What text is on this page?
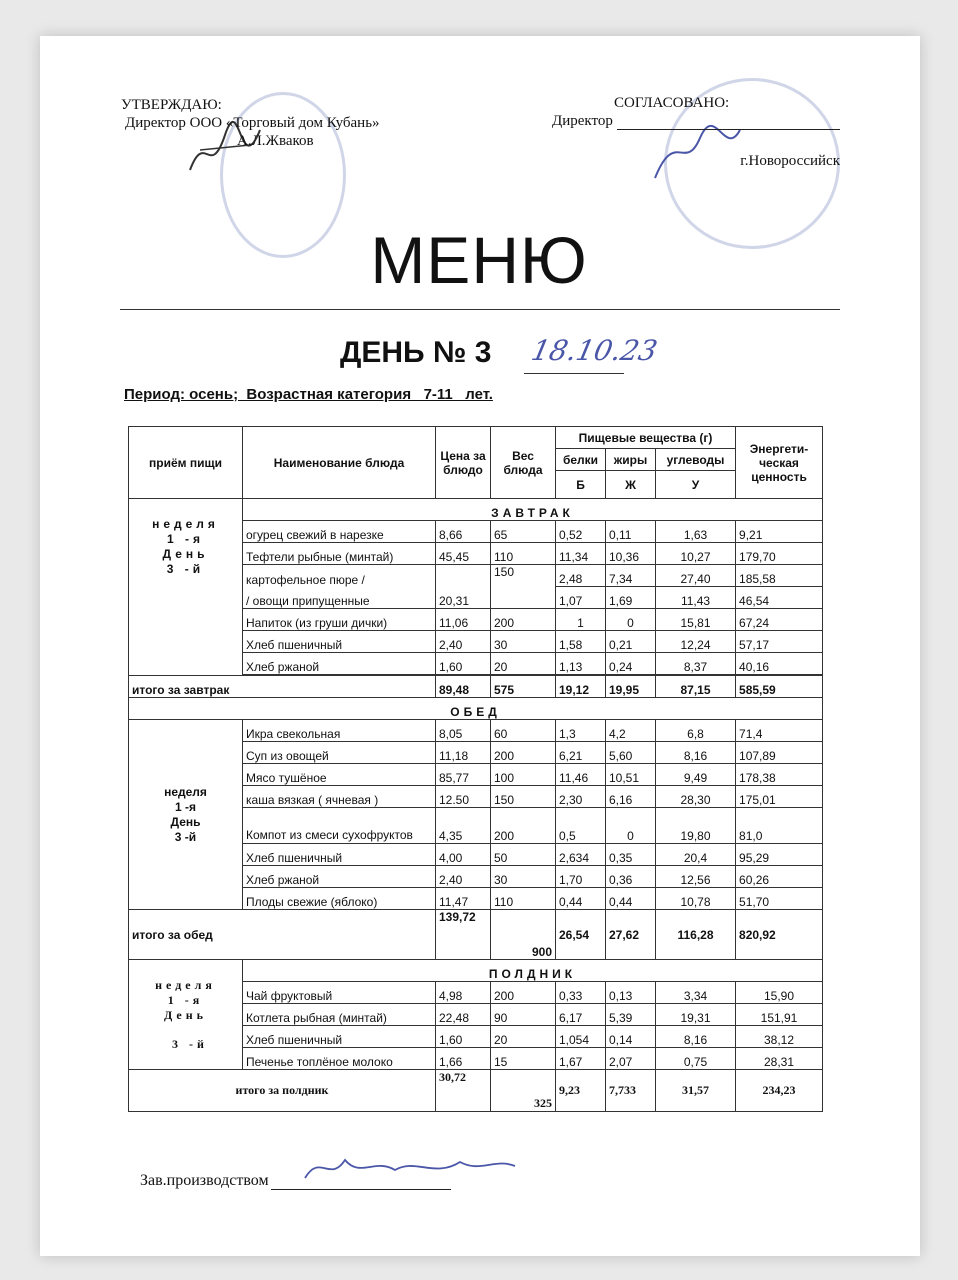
УТВЕРЖДАЮ:
Директор ООО «Торговый дом Кубань»
А.Л.Жваков
СОГЛАСОВАНО:
Директор
г.Новороссийск
МЕНЮ
ДЕНЬ № 3 18.10.23
Период: осень;  Возрастная категория   7-11   лет.
приём пищи	Наименование блюда	Цена за блюдо	Вес блюда	Пищевые вещества (г)			Энергети-ческая ценность
				белки	жиры	углеводы	
				Б	Ж	У	

неделя
1 -я
День
3 -й	ЗАВТРАК						
	огурец свежий в нарезке	8,66	65	0,52	0,11	1,63	9,21
	Тефтели рыбные (минтай)	45,45	110	11,34	10,36	10,27	179,70
	картофельное пюре /	20,31	150	2,48	7,34	27,40	185,58
	/ овощи припущенные			1,07	1,69	11,43	46,54
	Напиток (из груши дички)	11,06	200	1	0	15,81	67,24
	Хлеб пшеничный	2,40	30	1,58	0,21	12,24	57,17
	Хлеб ржаной	1,60	20	1,13	0,24	8,37	40,16

итого за завтрак		89,48	575	19,12	19,95	87,15	585,59
ОБЕД							

неделя
1 -я
День
3 -й	Икра свекольная	8,05	60	1,3	4,2	6,8	71,4
	Суп из овощей	11,18	200	6,21	5,60	8,16	107,89
	Мясо тушёное	85,77	100	11,46	10,51	9,49	178,38
	каша вязкая ( ячневая )	12.50	150	2,30	6,16	28,30	175,01
	Компот из смеси сухофруктов	4,35	200	0,5	0	19,80	81,0
	Хлеб пшеничный	4,00	50	2,634	0,35	20,4	95,29
	Хлеб ржаной	2,40	30	1,70	0,36	12,56	60,26
	Плоды свежие (яблоко)	11,47	110	0,44	0,44	10,78	51,70
итого за обед		139,72	900	26,54	27,62	116,28	820,92

неделя
1 -я
День
3 -й	ПОЛДНИК						
	Чай фруктовый	4,98	200	0,33	0,13	3,34	15,90
	Котлета рыбная (минтай)	22,48	90	6,17	5,39	19,31	151,91
	Хлеб пшеничный	1,60	20	1,054	0,14	8,16	38,12
	Печенье топлёное молоко	1,66	15	1,67	2,07	0,75	28,31
итого за полдник		30,72	325	9,23	7,733	31,57	234,23
Зав.производством
